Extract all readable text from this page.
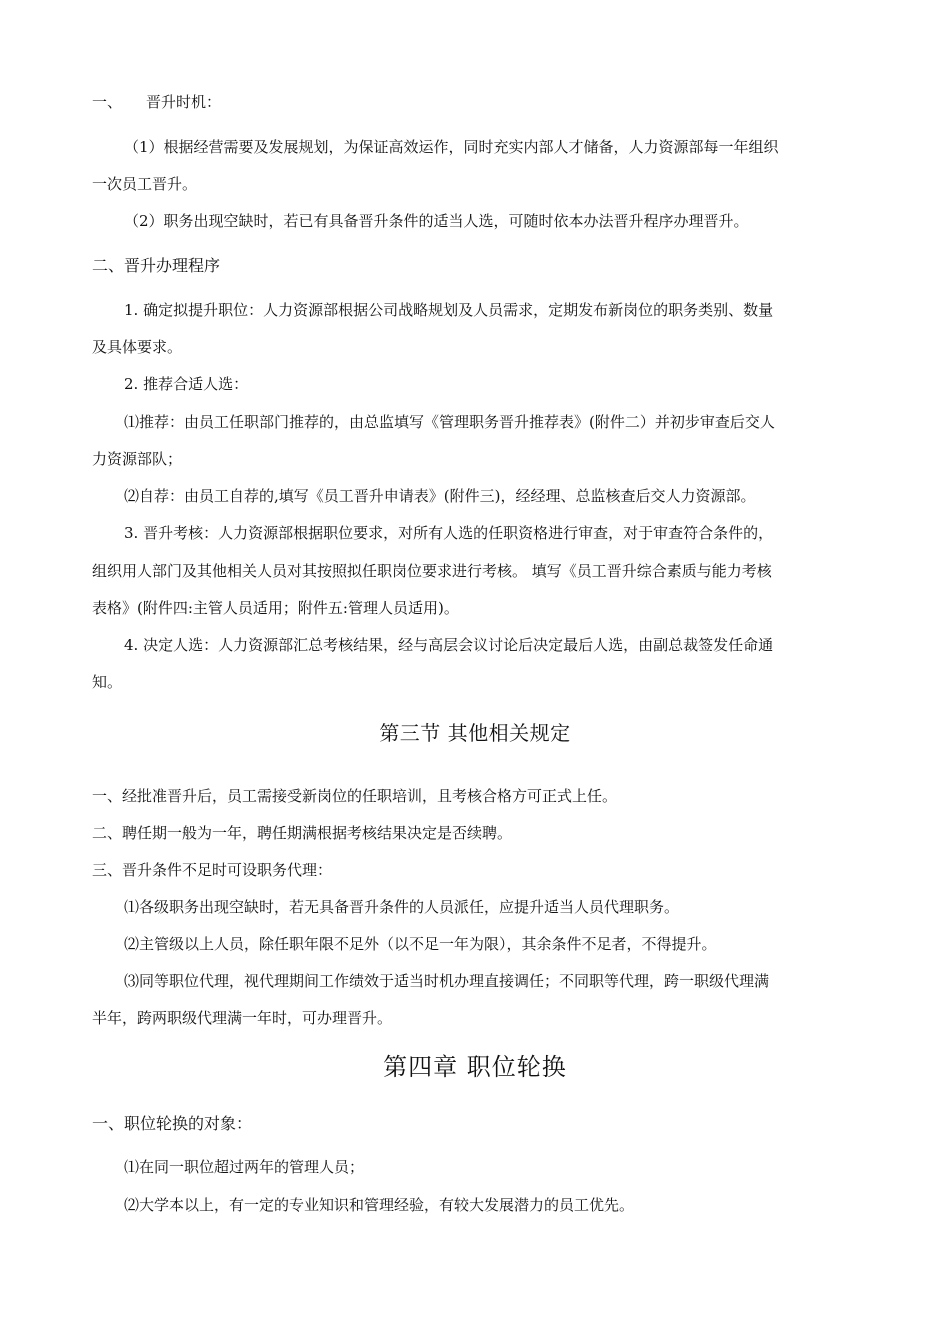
一、 晋升时机：
（1）根据经营需要及发展规划，为保证高效运作，同时充实内部人才储备，人力资源部每一年组织
一次员工晋升。
（2）职务出现空缺时，若已有具备晋升条件的适当人选，可随时依本办法晋升程序办理晋升。
二、晋升办理程序
1. 确定拟提升职位：人力资源部根据公司战略规划及人员需求，定期发布新岗位的职务类别、数量
及具体要求。
2. 推荐合适人选：
⑴推荐：由员工任职部门推荐的，由总监填写《管理职务晋升推荐表》(附件二）并初步审查后交人
力资源部队；
⑵自荐：由员工自荐的,填写《员工晋升申请表》(附件三)，经经理、总监核查后交人力资源部。
3. 晋升考核：人力资源部根据职位要求，对所有人选的任职资格进行审查，对于审查符合条件的，
组织用人部门及其他相关人员对其按照拟任职岗位要求进行考核。 填写《员工晋升综合素质与能力考核
表格》(附件四:主管人员适用；附件五:管理人员适用)。
4. 决定人选：人力资源部汇总考核结果，经与高层会议讨论后决定最后人选，由副总裁签发任命通
知。
第三节 其他相关规定
一、经批准晋升后，员工需接受新岗位的任职培训，且考核合格方可正式上任。
二、聘任期一般为一年，聘任期满根据考核结果决定是否续聘。
三、晋升条件不足时可设职务代理：
⑴各级职务出现空缺时，若无具备晋升条件的人员派任，应提升适当人员代理职务。
⑵主管级以上人员，除任职年限不足外（以不足一年为限），其余条件不足者，不得提升。
⑶同等职位代理，视代理期间工作绩效于适当时机办理直接调任；不同职等代理，跨一职级代理满
半年，跨两职级代理满一年时，可办理晋升。
第四章 职位轮换
一、职位轮换的对象：
⑴在同一职位超过两年的管理人员；
⑵大学本以上，有一定的专业知识和管理经验，有较大发展潜力的员工优先。
